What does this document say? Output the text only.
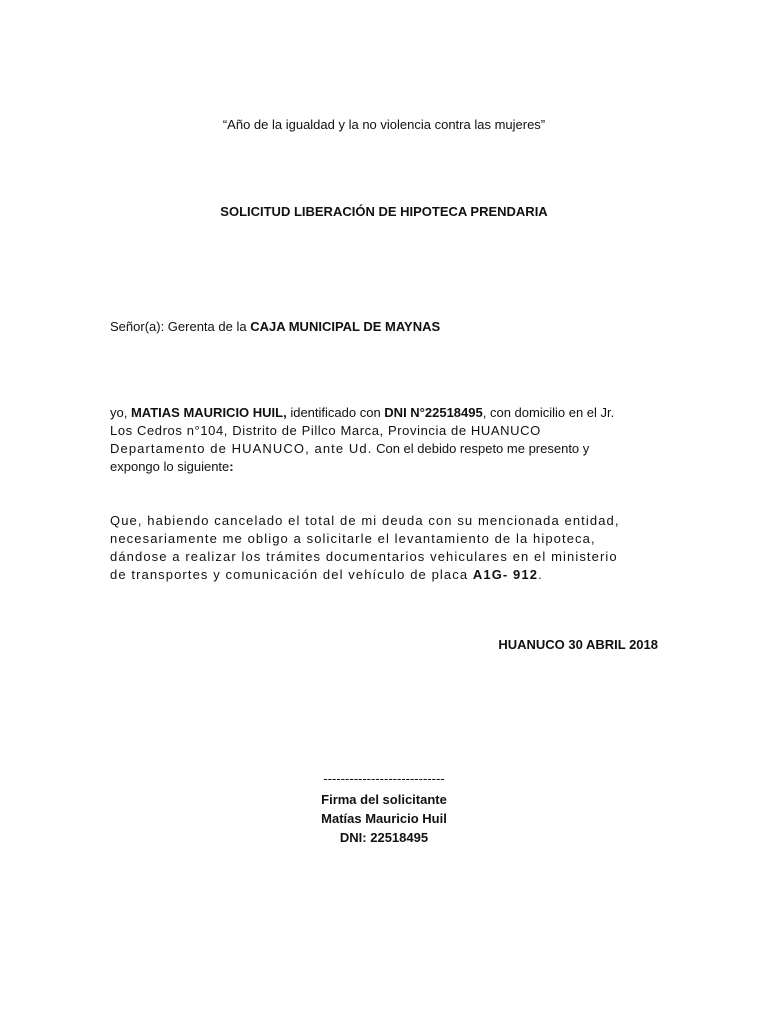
“Año de la igualdad y la no violencia contra las mujeres”
SOLICITUD LIBERACIÓN DE HIPOTECA PRENDARIA
Señor(a): Gerenta de la CAJA MUNICIPAL DE MAYNAS
yo, MATIAS MAURICIO HUIL, identificado con DNI N°22518495, con domicilio en el Jr.
Los Cedros n°104, Distrito de Pillco Marca, Provincia de HUANUCO
Departamento de HUANUCO, ante Ud. Con el debido respeto me presento y
expongo lo siguiente:
Que, habiendo cancelado el total de mi deuda con su mencionada entidad,
necesariamente me obligo a solicitarle el levantamiento de la hipoteca,
dándose a realizar los trámites documentarios vehiculares en el ministerio
de transportes y comunicación del vehículo de placa A1G- 912.
HUANUCO 30 ABRIL 2018
----------------------------
Firma del solicitante
Matías Mauricio Huil
DNI: 22518495
